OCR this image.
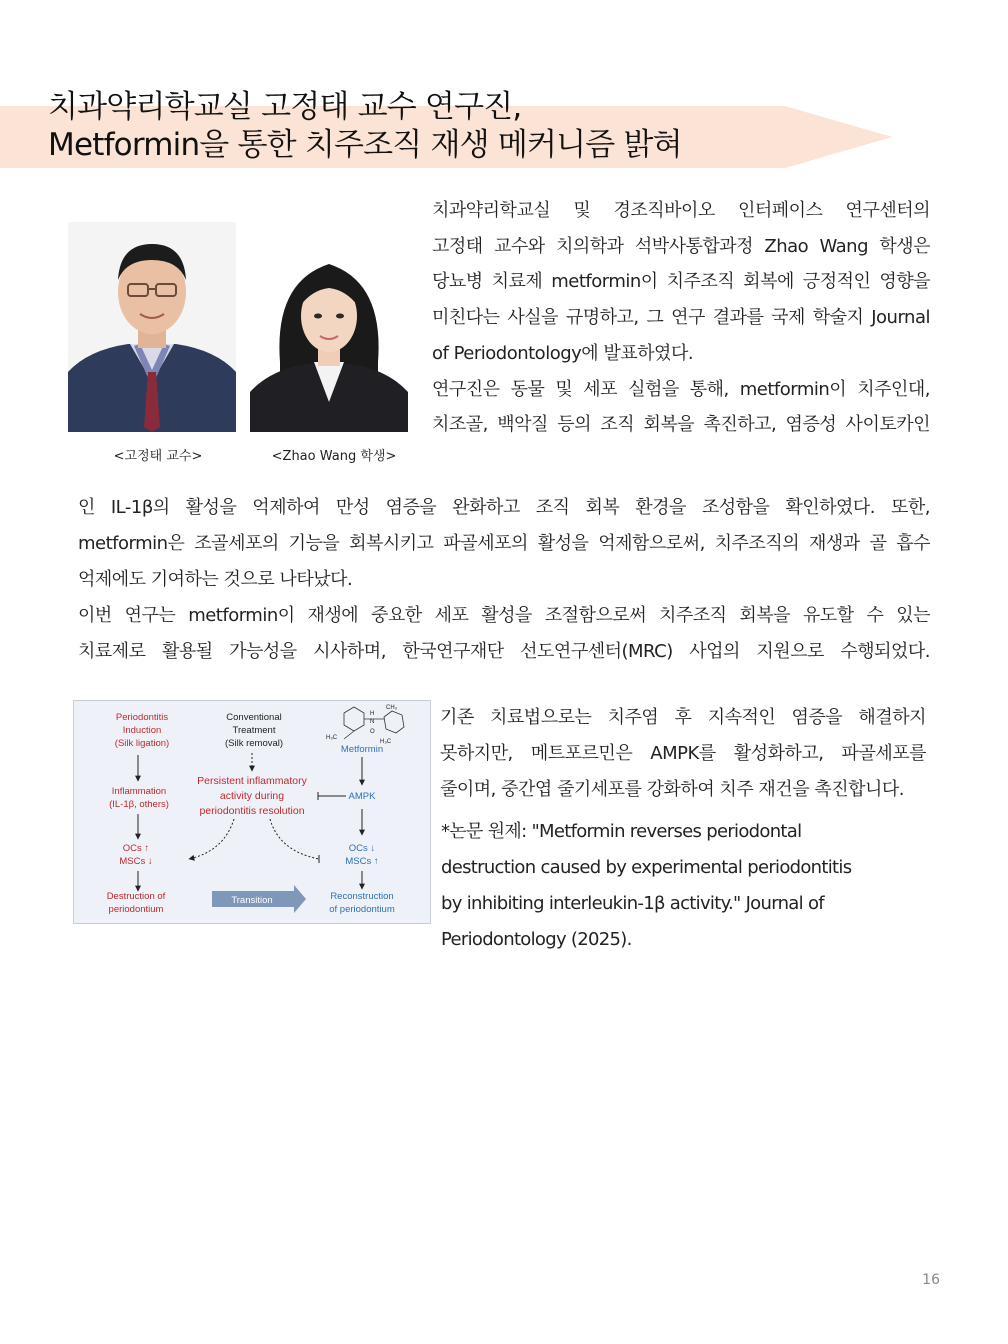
치과약리학교실 고정태 교수 연구진,
Metformin을 통한 치주조직 재생 메커니즘 밝혀
<고정태 교수>	<Zhao Wang 학생>

치과약리학교실 및 경조직바이오 인터페이스 연구센터의
고정태 교수와 치의학과 석박사통합과정 Zhao Wang 학생은
당뇨병 치료제 metformin이 치주조직 회복에 긍정적인 영향을
미친다는 사실을 규명하고, 그 연구 결과를 국제 학술지 Journal
of Periodontology에 발표하였다.
연구진은 동물 및 세포 실험을 통해, metformin이 치주인대,
치조골, 백악질 등의 조직 회복을 촉진하고, 염증성 사이토카인

인 IL-1β의 활성을 억제하여 만성 염증을 완화하고 조직 회복 환경을 조성함을 확인하였다. 또한,
metformin은 조골세포의 기능을 회복시키고 파골세포의 활성을 억제함으로써, 치주조직의 재생과 골 흡수
억제에도 기여하는 것으로 나타났다.
이번 연구는 metformin이 재생에 중요한 세포 활성을 조절함으로써 치주조직 회복을 유도할 수 있는
치료제로 활용될 가능성을 시사하며, 한국연구재단 선도연구센터(MRC) 사업의 지원으로 수행되었다.

Periodontitis
Induction
(Silk ligation)
Inflammation
(IL-1β, others)
OCs ↑
MSCs ↓
Destruction of
periodontium
Conventional
Treatment
(Silk removal)
Persistent inflammatory
activity during
periodontitis resolution
Transition
H
N
CH₃
H₃C
O
H₃C
Metformin
AMPK
OCs ↓
MSCs ↑
Reconstruction
of periodontium

기존 치료법으로는 치주염 후 지속적인 염증을 해결하지
못하지만, 메트포르민은 AMPK를 활성화하고, 파골세포를
줄이며, 중간엽 줄기세포를 강화하여 치주 재건을 촉진합니다.

*논문 원제: "Metformin reverses periodontal
destruction caused by experimental periodontitis
by inhibiting interleukin-1β activity." Journal of
Periodontology (2025).

16
